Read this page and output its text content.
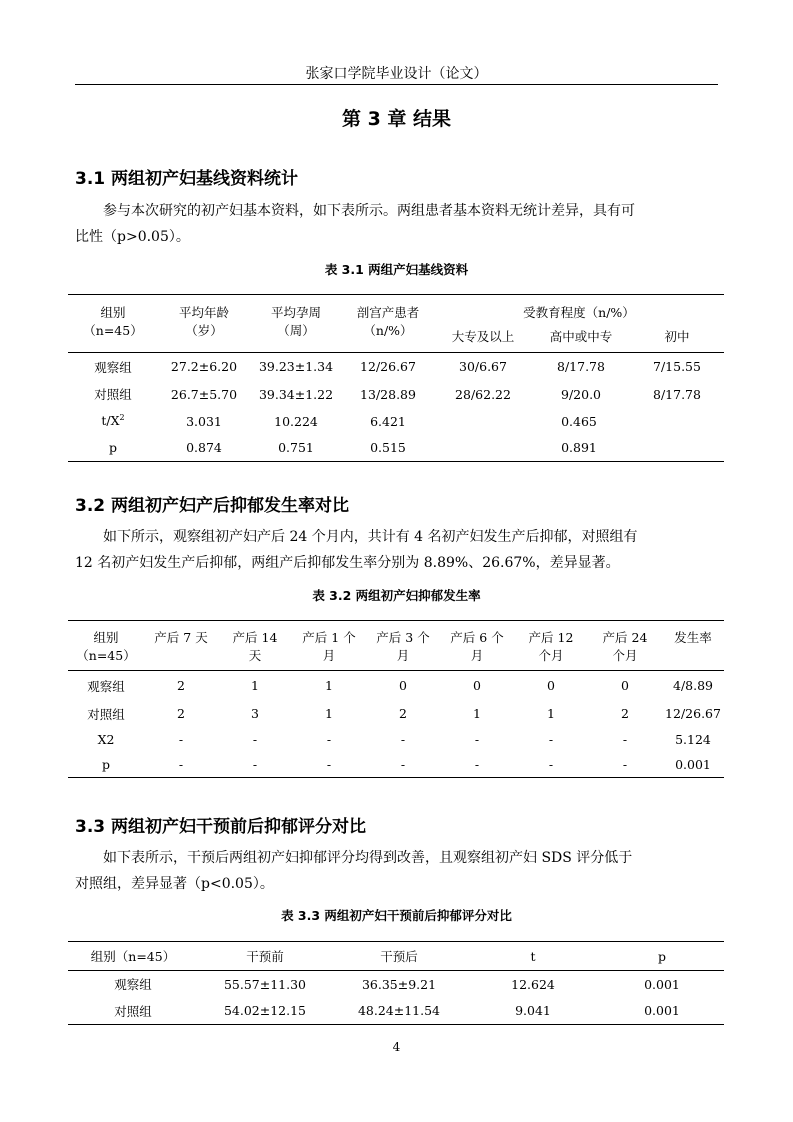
张家口学院毕业设计（论文）
第 3 章 结果
3.1 两组初产妇基线资料统计
参与本次研究的初产妇基本资料，如下表所示。两组患者基本资料无统计差异，具有可
比性（p>0.05）。
表 3.1 两组产妇基线资料
组别	平均年龄	平均孕周	剖宫产患者	受教育程度（n/%）		
（n=45）	（岁）	（周）	（n/%）	大专及以上	高中或中专	初中

观察组	27.2±6.20	39.23±1.34	12/26.67	30/6.67	8/17.78	7/15.55
对照组	26.7±5.70	39.34±1.22	13/28.89	28/62.22	9/20.0	8/17.78
$t/X^2$	3.031	10.224	6.421	0.465		
p	0.874	0.751	0.515	0.891		
3.2 两组初产妇产后抑郁发生率对比
如下所示，观察组初产妇产后 24 个月内，共计有 4 名初产妇发生产后抑郁，对照组有
12 名初产妇发生产后抑郁，两组产后抑郁发生率分别为 8.89%、26.67%，差异显著。
表 3.2 两组初产妇抑郁发生率
组别	产后 7 天	产后 14	产后 1 个	产后 3 个	产后 6 个	产后 12	产后 24	发生率
（n=45）		天	月	月	月	个月	个月	
观察组	2	1	1	0	0	0	0	4/8.89
对照组	2	3	1	2	1	1	2	12/26.67
X2	-	-	-	-	-	-	-	5.124
p	-	-	-	-	-	-	-	0.001
3.3 两组初产妇干预前后抑郁评分对比
如下表所示，干预后两组初产妇抑郁评分均得到改善，且观察组初产妇 SDS 评分低于
对照组，差异显著（p<0.05）。
表 3.3 两组初产妇干预前后抑郁评分对比
组别（n=45）	干预前	干预后	t	p
观察组	55.57±11.30	36.35±9.21	12.624	0.001
对照组	54.02±12.15	48.24±11.54	9.041	0.001
4
